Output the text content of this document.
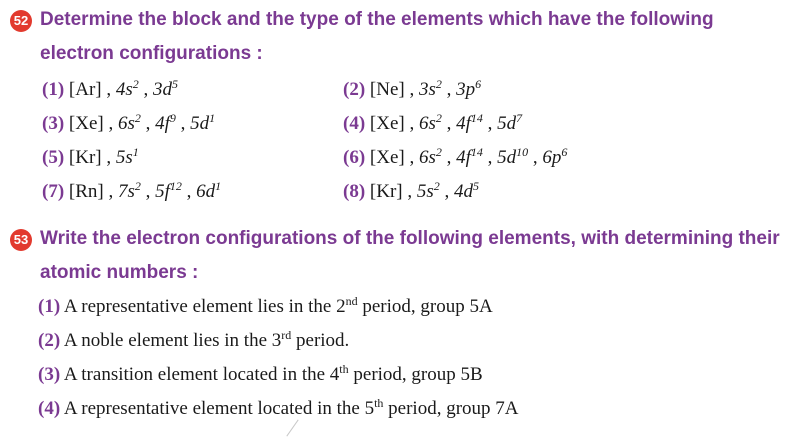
52 Determine the block and the type of the elements which have the following
electron configurations :
(1) [Ar] , $4s^2$ , $3d^5$	(2) [Ne] , $3s^2$ , $3p^6$
(3) [Xe] , $6s^2$ , $4f^9$ , $5d^1$	(4) [Xe] , $6s^2$ , $4f^{14}$ , $5d^7$
(5) [Kr] , $5s^1$	(6) [Xe] , $6s^2$ , $4f^{14}$ , $5d^{10}$ , $6p^6$
(7) [Rn] , $7s^2$ , $5f^{12}$ , $6d^1$	(8) [Kr] , $5s^2$ , $4d^5$
53 Write the electron configurations of the following elements, with determining their
atomic numbers :
(1) A representative element lies in the 2nd period, group 5A
(2) A noble element lies in the 3rd period.
(3) A transition element located in the 4th period, group 5B
(4) A representative element located in the 5th period, group 7A
